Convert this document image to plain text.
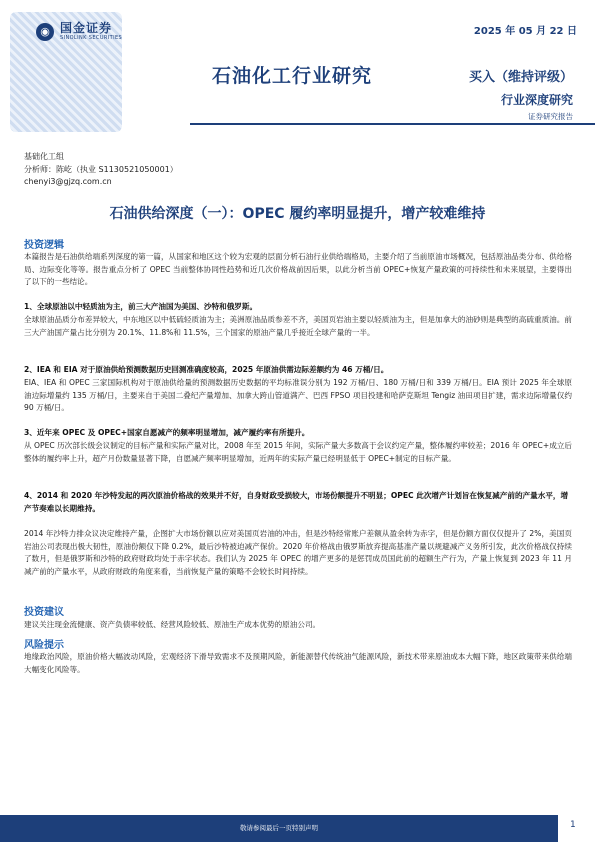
◉ 国金证券
SINOLINK SECURITIES
2025 年 05 月 22 日
石油化工行业研究	买入（维持评级）
行业深度研究
证券研究报告
基础化工组
分析师：陈屹（执业 S1130521050001）
chenyi3@gjzq.com.cn
石油供给深度（一）：OPEC 履约率明显提升，增产较难维持
投资逻辑
本篇报告是石油供给端系列深度的第一篇，从国家和地区这个较为宏观的层面分析石油行业供给端格局，主要介绍了当前原油市场概况，包括原油品类分布、供给格局、边际变化等等。报告重点分析了 OPEC 当前整体协同性趋势和近几次价格战前因后果，以此分析当前 OPEC+恢复产量政策的可持续性和未来展望，主要得出了以下的一些结论。
1、全球原油以中轻质油为主，前三大产油国为美国、沙特和俄罗斯。
全球原油品质分布差异较大，中东地区以中低硫轻质油为主；美洲原油品质参差不齐，美国页岩油主要以轻质油为主，但是加拿大的油砂则是典型的高硫重质油。前三大产油国产量占比分别为 20.1%、11.8%和 11.5%，三个国家的原油产量几乎接近全球产量的一半。
2、IEA 和 EIA 对于原油供给预测数据历史回测准确度较高，2025 年原油供需边际差额约为 46 万桶/日。
EIA、IEA 和 OPEC 三家国际机构对于原油供给量的预测数据历史数据的平均标准误分别为 192 万桶/日、180 万桶/日和 339 万桶/日。EIA 预计 2025 年全球原油边际增量约 135 万桶/日，主要来自于美国二叠纪产量增加、加拿大跨山管道满产、巴西 FPSO 项目投建和哈萨克斯坦 Tengiz 油田项目扩建，需求边际增量仅约 90 万桶/日。
3、近年来 OPEC 及 OPEC+国家自愿减产的频率明显增加，减产履约率有所提升。
从 OPEC 历次部长级会议制定的目标产量和实际产量对比，2008 年至 2015 年间，实际产量大多数高于会议约定产量，整体履约率较差；2016 年 OPEC+成立后整体的履约率上升，超产月份数量显著下降，自愿减产频率明显增加，近两年的实际产量已经明显低于 OPEC+制定的目标产量。
4、2014 和 2020 年沙特发起的两次原油价格战的效果并不好，自身财政受损较大，市场份额提升不明显；OPEC 此次增产计划旨在恢复减产前的产量水平，增产节奏难以长期维持。
2014 年沙特力排众议决定维持产量，企图扩大市场份额以应对美国页岩油的冲击，但是沙特经常账户差额从盈余转为赤字，但是份额方面仅仅提升了 2%，美国页岩油公司表现出极大韧性，原油份额仅下降 0.2%，最后沙特被迫减产保价。2020 年价格战由俄罗斯放弃提高基准产量以规避减产义务所引发，此次价格战仅持续了数月，但是俄罗斯和沙特的政府财政均处于赤字状态。我们认为 2025 年 OPEC 的增产更多的是惩罚成员国此前的超额生产行为，产量上恢复到 2023 年 11 月减产前的产量水平，从政府财政的角度来看，当前恢复产量的策略不会较长时间持续。
投资建议
建议关注现金流健康、资产负债率较低、经营风险较低、原油生产成本优势的原油公司。
风险提示
地缘政治风险，原油价格大幅波动风险，宏观经济下滑导致需求不及预期风险，新能源替代传统油气能源风险，新技术带来原油成本大幅下降，地区政策带来供给端大幅变化风险等。
敬请参阅最后一页特别声明	1
